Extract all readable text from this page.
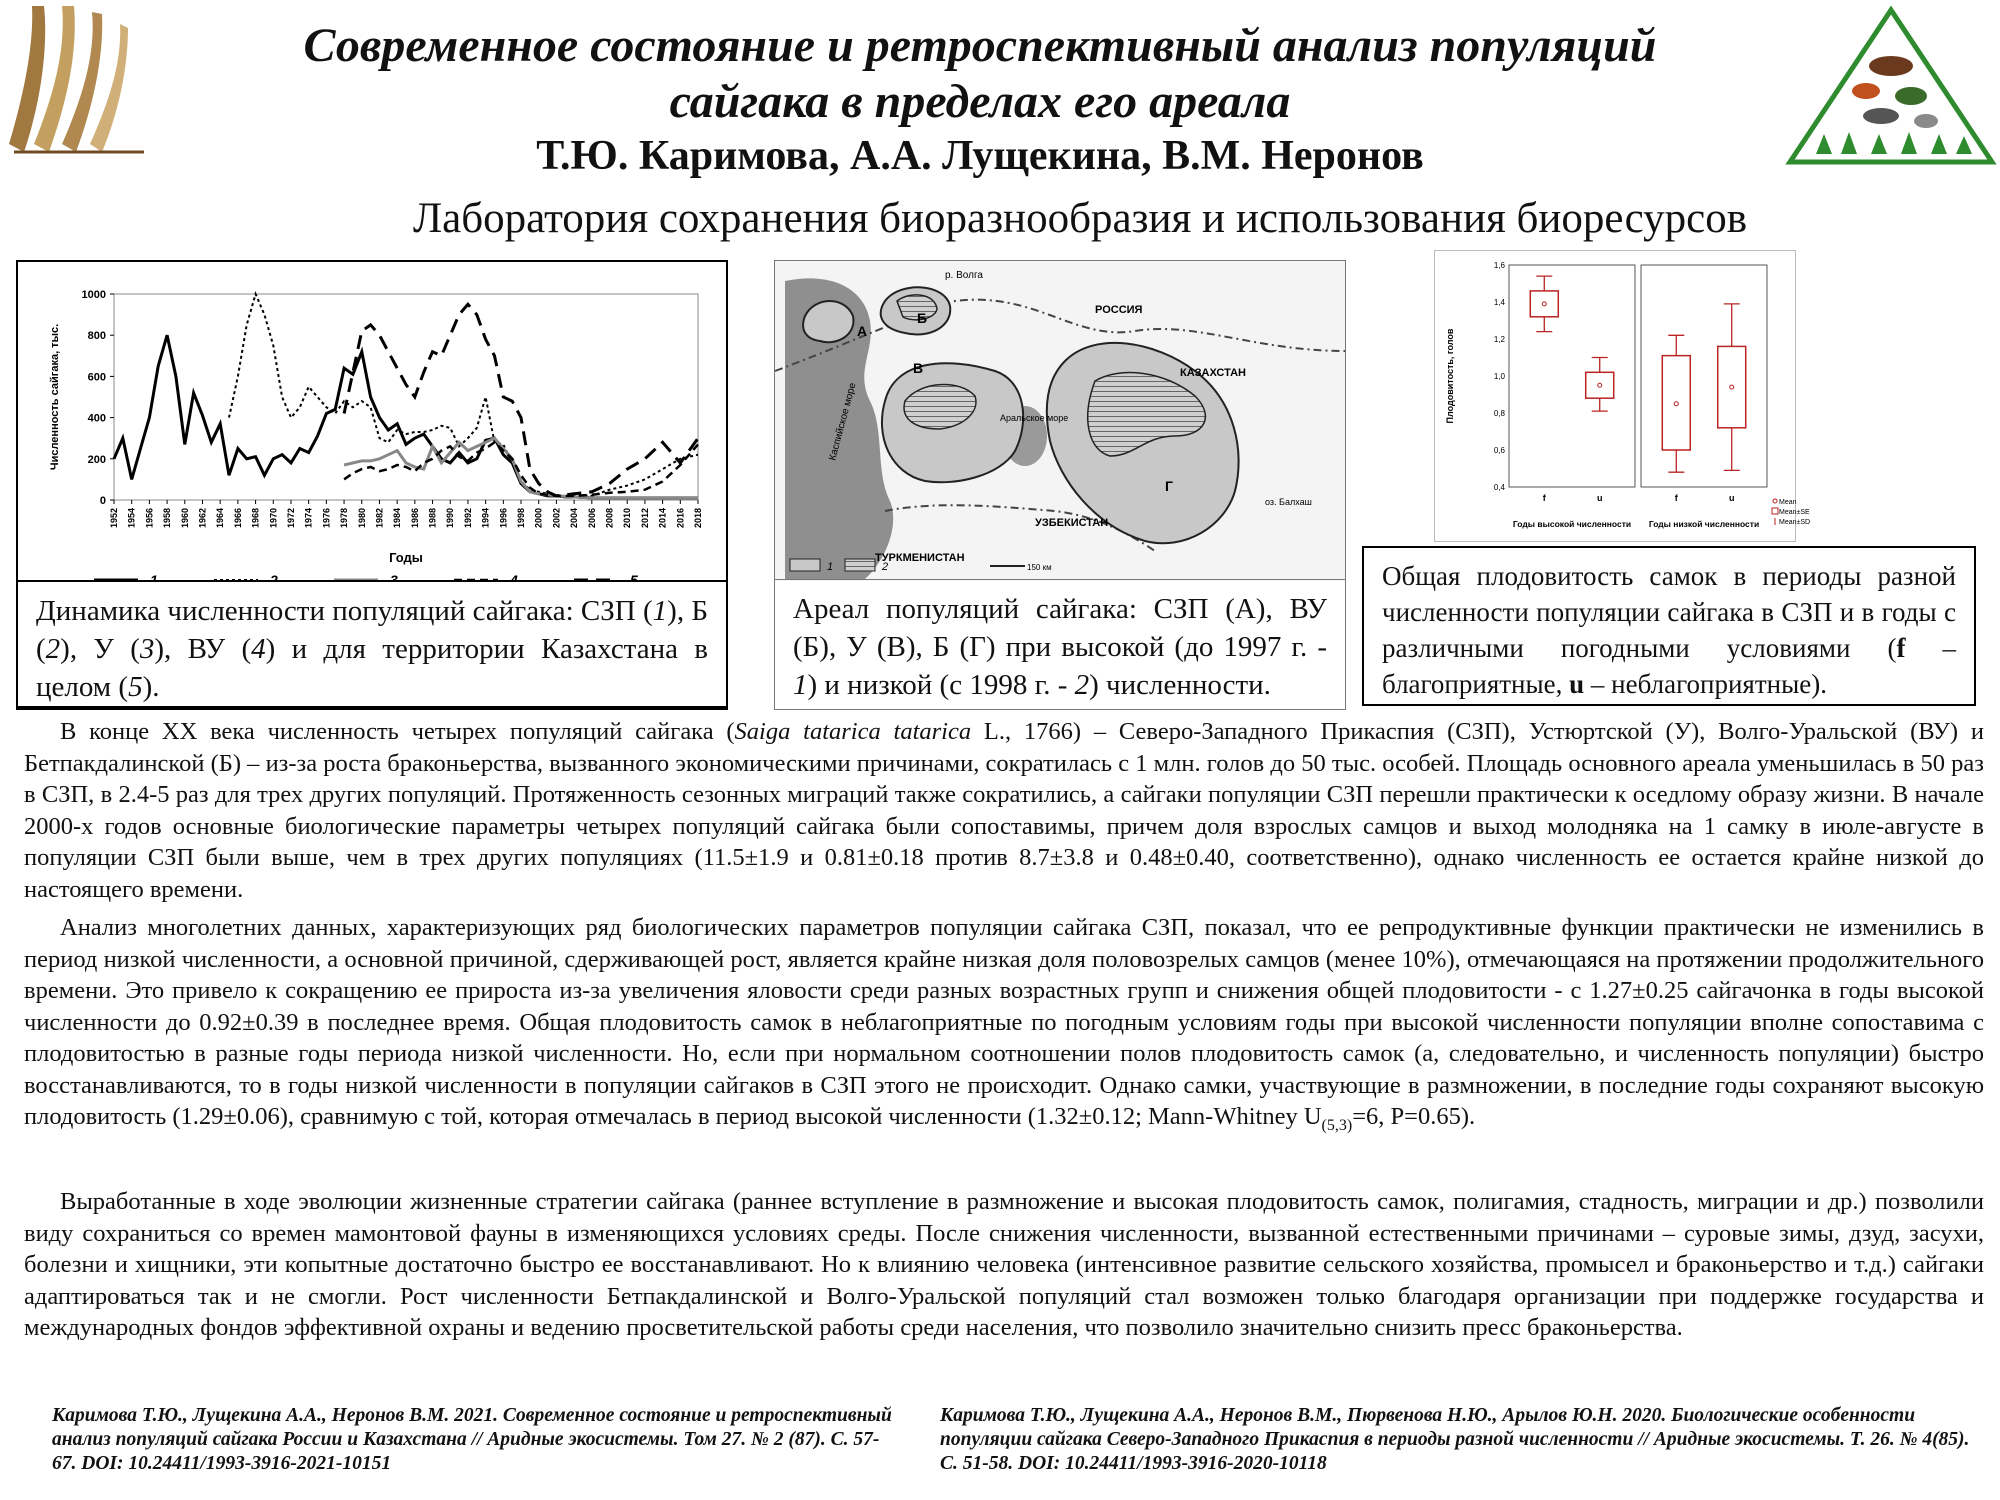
Современное состояние и ретроспективный анализ популяций
сайгака в пределах его ареала
Т.Ю. Каримова, А.А. Лущекина, В.М. Неронов
Лаборатория сохранения биоразнообразия и использования биоресурсов
0
200
400
600
800
1000
1952 1954 1956 1958 1960 1962 1964 1966 1968 1970 1972 1974 1976 1978 1980 1982 1984 1986 1988 1990 1992 1994 1996 1998 2000 2002 2004 2006 2008 2010 2012 2014 2016 2018
Численность сайгака, тыс.
Годы
Динамика численности популяций сайгака: СЗП (1), Б (2), У (3), ВУ (4) и для территории Казахстана в целом (5).
р. Волга
РОССИЯ
КАЗАХСТАН
Каспийское море	Аральское море
ТУРКМЕНИСТАН
УЗБЕКИСТАН
оз. Балхаш
А
Б
В
Г
1	2	150 км
Ареал популяций сайгака: СЗП (А), ВУ (Б), У (В), Б (Г) при высокой (до 1997 г. - 1) и низкой (с 1998 г. - 2) численности.
Плодовитость, голов
0,4
0,6
0,8
1,0
1,2
1,4
1,6
Годы высокой численности
f	u
Годы низкой численности
f	u	Mean
Mean±SE
Mean±SD
Общая плодовитость самок в периоды разной численности популяции сайгака в СЗП и в годы с различными погодными условиями (f – благоприятные, u – неблагоприятные).
В конце XX века численность четырех популяций сайгака (Saiga tatarica tatarica L., 1766) – Северо-Западного Прикаспия (СЗП), Устюртской (У), Волго-Уральской (ВУ) и Бетпакдалинской (Б) – из-за роста браконьерства, вызванного экономическими причинами, сократилась с 1 млн. голов до 50 тыс. особей. Площадь основного ареала уменьшилась в 50 раз в СЗП, в 2.4-5 раз для трех других популяций. Протяженность сезонных миграций также сократились, а сайгаки популяции СЗП перешли практически к оседлому образу жизни. В начале 2000-х годов основные биологические параметры четырех популяций сайгака были сопоставимы, причем доля взрослых самцов и выход молодняка на 1 самку в июле-августе в популяции СЗП были выше, чем в трех других популяциях (11.5±1.9 и 0.81±0.18 против 8.7±3.8 и 0.48±0.40, соответственно), однако численность ее остается крайне низкой до настоящего времени.
Анализ многолетних данных, характеризующих ряд биологических параметров популяции сайгака СЗП, показал, что ее репродуктивные функции практически не изменились в период низкой численности, а основной причиной, сдерживающей рост, является крайне низкая доля половозрелых самцов (менее 10%), отмечающаяся на протяжении продолжительного времени. Это привело к сокращению ее прироста из-за увеличения яловости среди разных возрастных групп и снижения общей плодовитости - с 1.27±0.25 сайгачонка в годы высокой численности до 0.92±0.39 в последнее время. Общая плодовитость самок в неблагоприятные по погодным условиям годы при высокой численности популяции вполне сопоставима с плодовитостью в разные годы периода низкой численности. Но, если при нормальном соотношении полов плодовитость самок (а, следовательно, и численность популяции) быстро восстанавливаются, то в годы низкой численности в популяции сайгаков в СЗП этого не происходит. Однако самки, участвующие в размножении, в последние годы сохраняют высокую плодовитость (1.29±0.06), сравнимую с той, которая отмечалась в период высокой численности (1.32±0.12; Mann-Whitney $U_{(5,3)}=6$, P=0.65).
Выработанные в ходе эволюции жизненные стратегии сайгака (раннее вступление в размножение и высокая плодовитость самок, полигамия, стадность, миграции и др.) позволили виду сохраниться со времен мамонтовой фауны в изменяющихся условиях среды. После снижения численности, вызванной естественными причинами – суровые зимы, дзуд, засухи, болезни и хищники, эти копытные достаточно быстро ее восстанавливают. Но к влиянию человека (интенсивное развитие сельского хозяйства, промысел и браконьерство и т.д.) сайгаки адаптироваться так и не смогли. Рост численности Бетпакдалинской и Волго-Уральской популяций стал возможен только благодаря организации при поддержке государства и международных фондов эффективной охраны и ведению просветительской работы среди населения, что позволило значительно снизить пресс браконьерства.
Каримова Т.Ю., Лущекина А.А., Неронов В.М. 2021. Современное состояние и ретроспективный анализ популяций сайгака России и Казахстана // Аридные экосистемы. Том 27. № 2 (87). С. 57-67. DOI: 10.24411/1993-3916-2021-10151
Каримова Т.Ю., Лущекина А.А., Неронов В.М., Пюрвенова Н.Ю., Арылов Ю.Н. 2020. Биологические особенности популяции сайгака Северо-Западного Прикаспия в периоды разной численности // Аридные экосистемы. Т. 26. № 4(85). С. 51-58. DOI: 10.24411/1993-3916-2020-10118
